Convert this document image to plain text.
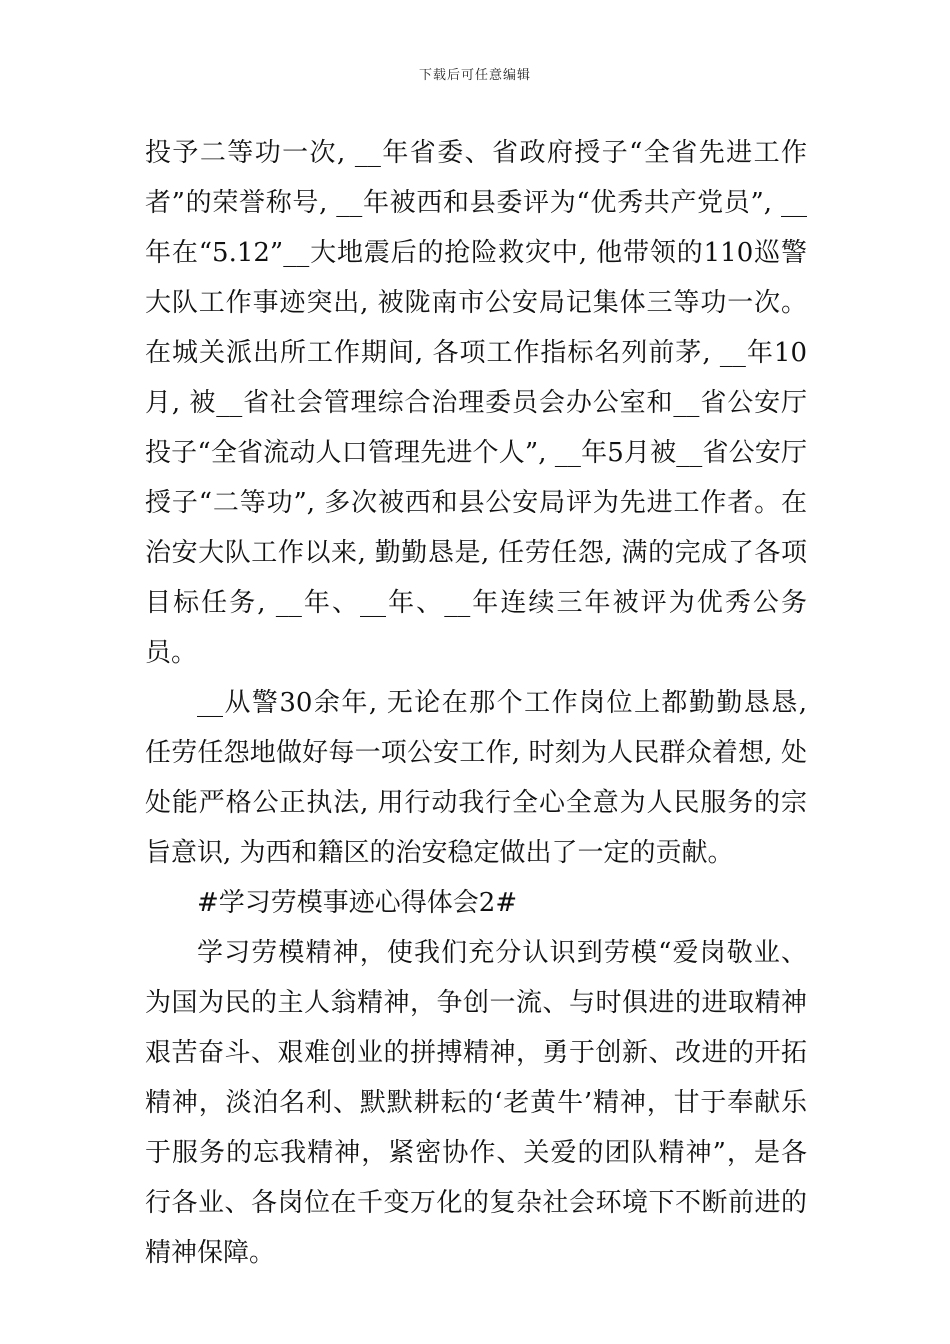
下载后可任意编辑

投予二等功一次, __年省委、省政府授子“全省先进工作者”的荣誉称号, __年被西和县委评为“优秀共产党员”, __年在“5.12”__大地震后的抢险救灾中, 他带领的110巡警大队工作事迹突出, 被陇南市公安局记集体三等功一次。在城关派出所工作期间, 各项工作指标名列前茅, __年10月, 被__省社会管理综合治理委员会办公室和__省公安厅投子“全省流动人口管理先进个人”, __年5月被__省公安厅授子“二等功”, 多次被西和县公安局评为先进工作者。在治安大队工作以来, 勤勤恳是, 任劳任怨, 满的完成了各项目标任务, __年、__年、__年连续三年被评为优秀公务员。

__从警30余年, 无论在那个工作岗位上都勤勤恳恳, 任劳任怨地做好每一项公安工作, 时刻为人民群众着想, 处处能严格公正执法, 用行动我行全心全意为人民服务的宗旨意识, 为西和籍区的治安稳定做出了一定的贡献。

#学习劳模事迹心得体会2#

学习劳模精神，使我们充分认识到劳模“爱岗敬业、为国为民的主人翁精神，争创一流、与时俱进的进取精神艰苦奋斗、艰难创业的拼搏精神，勇于创新、改进的开拓精神，淡泊名利、默默耕耘的‘老黄牛’精神，甘于奉献乐于服务的忘我精神，紧密协作、关爱的团队精神”，是各行各业、各岗位在千变万化的复杂社会环境下不断前进的精神保障。
